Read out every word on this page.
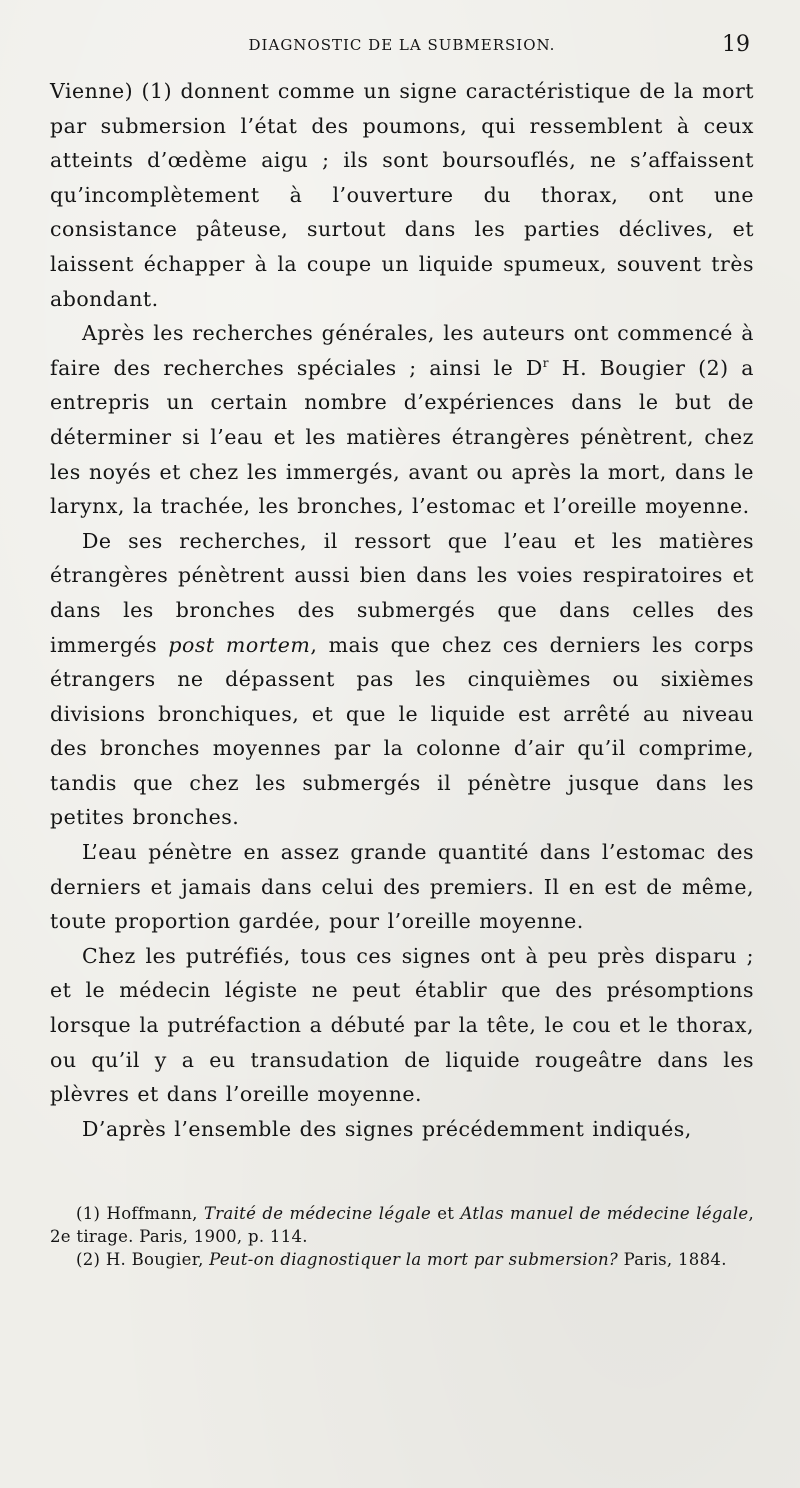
DIAGNOSTIC DE LA SUBMERSION.	19

Vienne) (1) donnent comme un signe caractéristique de la mort par submersion l’état des poumons, qui ressemblent à ceux atteints d’œdème aigu ; ils sont boursouflés, ne s’affaissent qu’incomplètement à l’ouverture du thorax, ont une consistance pâteuse, surtout dans les parties déclives, et laissent échapper à la coupe un liquide spumeux, souvent très abondant.

Après les recherches générales, les auteurs ont commencé à faire des recherches spéciales ; ainsi le $D^r$ H. Bougier (2) a entrepris un certain nombre d’expériences dans le but de déterminer si l’eau et les matières étrangères pénètrent, chez les noyés et chez les immergés, avant ou après la mort, dans le larynx, la trachée, les bronches, l’estomac et l’oreille moyenne.

De ses recherches, il ressort que l’eau et les matières étrangères pénètrent aussi bien dans les voies respiratoires et dans les bronches des submergés que dans celles des immergés post mortem, mais que chez ces derniers les corps étrangers ne dépassent pas les cinquièmes ou sixièmes divisions bronchiques, et que le liquide est arrêté au niveau des bronches moyennes par la colonne d’air qu’il comprime, tandis que chez les submergés il pénètre jusque dans les petites bronches.

L’eau pénètre en assez grande quantité dans l’estomac des derniers et jamais dans celui des premiers. Il en est de même, toute proportion gardée, pour l’oreille moyenne.

Chez les putréfiés, tous ces signes ont à peu près disparu ; et le médecin légiste ne peut établir que des présomptions lorsque la putréfaction a débuté par la tête, le cou et le thorax, ou qu’il y a eu transudation de liquide rougeâtre dans les plèvres et dans l’oreille moyenne.

D’après l’ensemble des signes précédemment indiqués,

(1) Hoffmann, Traité de médecine légale et Atlas manuel de médecine légale, 2e tirage. Paris, 1900, p. 114.

(2) H. Bougier, Peut-on diagnostiquer la mort par submersion? Paris, 1884.
